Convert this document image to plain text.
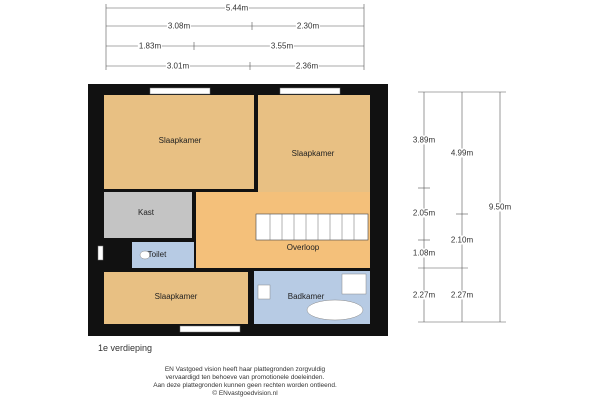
Slaapkamer
Slaapkamer
Kast
Toilet
Overloop
Slaapkamer	Badkamer
5.44m
3.08m	2.30m
1.83m	3.55m
3.01m	2.36m
3.89m
2.05m
1.08m
2.27m
4.99m
2.10m
2.27m
9.50m
1e verdieping
EN Vastgoed vision heeft haar plattegronden zorgvuldig
vervaardigd ten behoeve van promotionele doeleinden.
Aan deze plattegronden kunnen geen rechten worden ontleend.
© ENvastgoedvision.nl
